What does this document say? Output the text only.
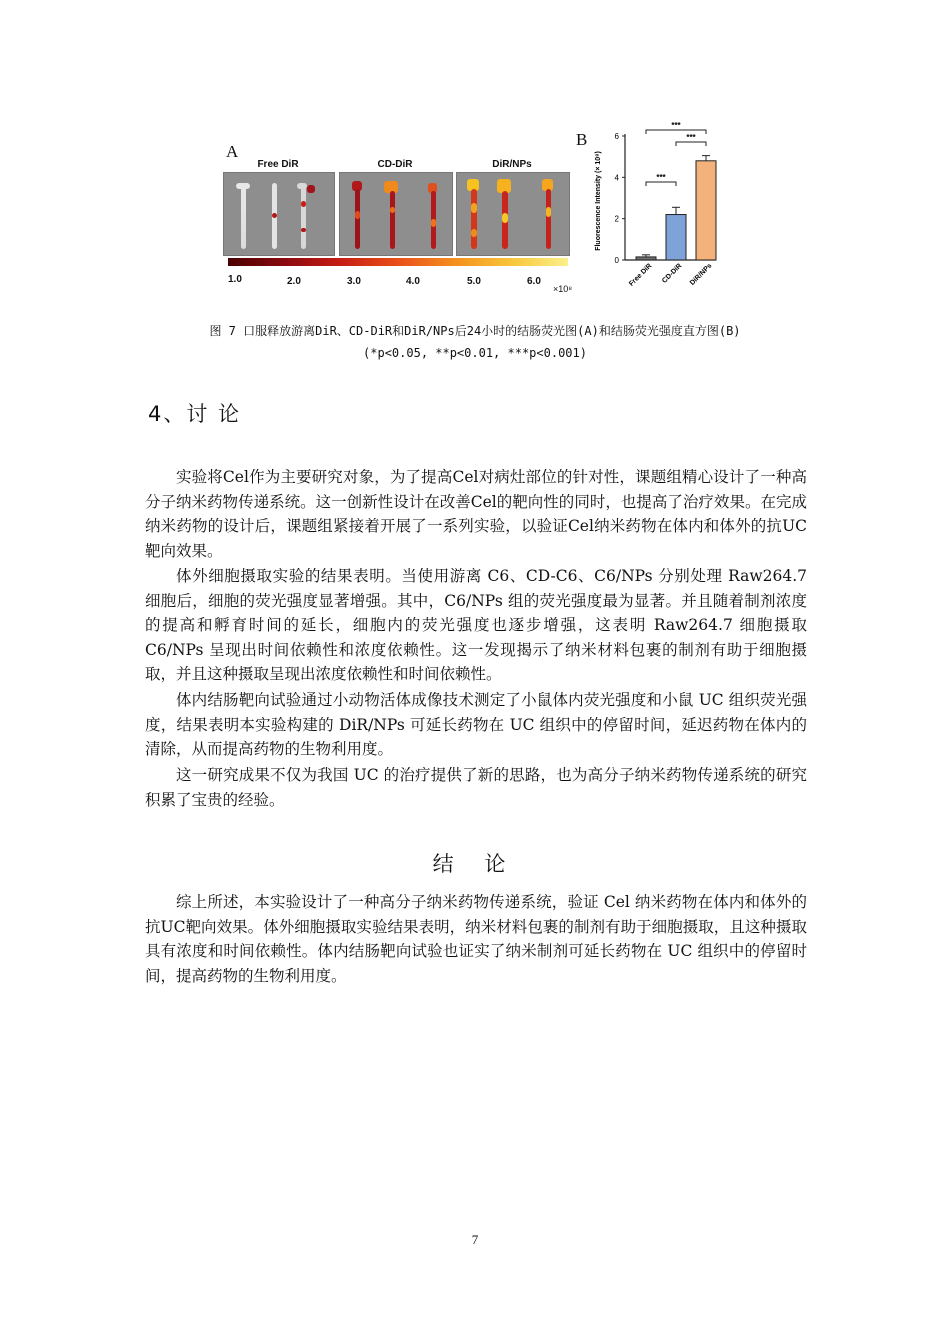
A
Free DiR	CD-DiR	DiR/NPs
1.0	2.0	3.0	4.0	5.0	6.0
×10⁸
B
Fluorescence Intensity (× 10⁸)
0
2
4
6
***
***
***
Free DiR CD-DiR DiR/NPs
图 7 口服释放游离DiR、CD-DiR和DiR/NPs后24小时的结肠荧光图(A)和结肠荧光强度直方图(B)
(*p<0.05, **p<0.01, ***p<0.001)
4、讨 论

实验将Cel作为主要研究对象，为了提高Cel对病灶部位的针对性，课题组精心设计了一种高分子纳米药物传递系统。这一创新性设计在改善Cel的靶向性的同时，也提高了治疗效果。在完成纳米药物的设计后，课题组紧接着开展了一系列实验，以验证Cel纳米药物在体内和体外的抗UC靶向效果。

体外细胞摄取实验的结果表明。当使用游离 C6、CD-C6、C6/NPs 分别处理 Raw264.7 细胞后，细胞的荧光强度显著增强。其中，C6/NPs 组的荧光强度最为显著。并且随着制剂浓度的提高和孵育时间的延长，细胞内的荧光强度也逐步增强，这表明 Raw264.7 细胞摄取 C6/NPs 呈现出时间依赖性和浓度依赖性。这一发现揭示了纳米材料包裹的制剂有助于细胞摄取，并且这种摄取呈现出浓度依赖性和时间依赖性。

体内结肠靶向试验通过小动物活体成像技术测定了小鼠体内荧光强度和小鼠 UC 组织荧光强度，结果表明本实验构建的 DiR/NPs 可延长药物在 UC 组织中的停留时间，延迟药物在体内的清除，从而提高药物的生物利用度。

这一研究成果不仅为我国 UC 的治疗提供了新的思路，也为高分子纳米药物传递系统的研究积累了宝贵的经验。

结 论

综上所述，本实验设计了一种高分子纳米药物传递系统，验证 Cel 纳米药物在体内和体外的抗UC靶向效果。体外细胞摄取实验结果表明，纳米材料包裹的制剂有助于细胞摄取，且这种摄取具有浓度和时间依赖性。体内结肠靶向试验也证实了纳米制剂可延长药物在 UC 组织中的停留时间，提高药物的生物利用度。

7
